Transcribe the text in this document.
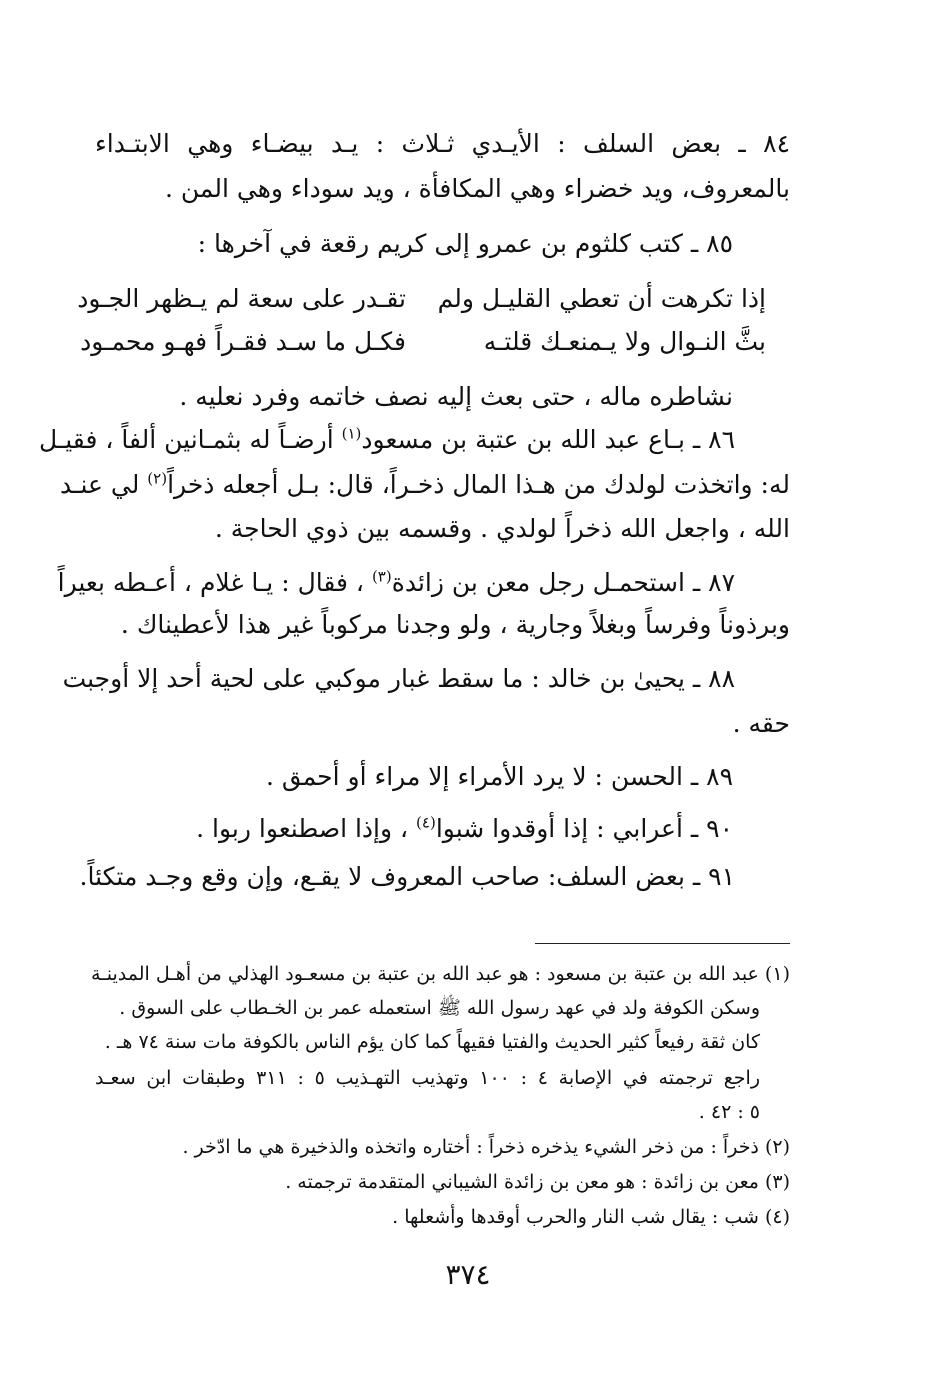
٨٤ ـ بعض السلف : الأيـدي ثـلاث : يـد بيضـاء وهي الابتـداء
بالمعروف، ويد خضراء وهي المكافأة ، ويد سوداء وهي المن .
٨٥ ـ كتب كلثوم بن عمرو إلى كريم رقعة في آخرها :
إذا تكرهت أن تعطي القليـل ولم
تقـدر على سعة لم يـظهر الجـود
بثَّ النـوال ولا يـمنعـك قلتـه
فكـل ما سـد فقـراً فهـو محمـود
نشاطره ماله ، حتى بعث إليه نصف خاتمه وفرد نعليه .
٨٦ ـ بـاع عبد الله بن عتبة بن مسعود$^{(١)}$ أرضـاً له بثمـانين ألفاً ، فقيـل
له: واتخذت لولدك من هـذا المال ذخـراً، قال: بـل أجعله ذخراً$^{(٢)}$ لي عنـد
الله ، واجعل الله ذخراً لولدي . وقسمه بين ذوي الحاجة .
٨٧ ـ استحمـل رجل معن بن زائدة$^{(٣)}$ ، فقال : يـا غلام ، أعـطه بعيراً
وبرذوناً وفرساً وبغلاً وجارية ، ولو وجدنا مركوباً غير هذا لأعطيناك .
٨٨ ـ يحيىٰ بن خالد : ما سقط غبار موكبي على لحية أحد إلا أوجبت
حقه .
٨٩ ـ الحسن : لا يرد الأمراء إلا مراء أو أحمق .
٩٠ ـ أعرابي : إذا أوقدوا شبوا$^{(٤)}$ ، وإذا اصطنعوا ربوا .
٩١ ـ بعض السلف: صاحب المعروف لا يقـع، وإن وقع وجـد متكئاً.
(١) عبد الله بن عتبة بن مسعود : هو عبد الله بن عتبة بن مسعـود الهذلي من أهـل المدينـة
وسكن الكوفة ولد في عهد رسول الله ﷺ استعمله عمر بن الخـطاب على السوق .
كان ثقة رفيعاً كثير الحديث والفتيا فقيهاً كما كان يؤم الناس بالكوفة مات سنة ٧٤ هـ .
راجع ترجمته في الإصابة ٤ : ١٠٠ وتهذيب التهـذيب ٥ : ٣١١ وطبقات ابن سعـد
٥ : ٤٢ .
(٢) ذخراً : من ذخر الشيء يذخره ذخراً : أختاره واتخذه والذخيرة هي ما ادّخر .
(٣) معن بن زائدة : هو معن بن زائدة الشيباني المتقدمة ترجمته .
(٤) شب : يقال شب النار والحرب أوقدها وأشعلها .
٣٧٤
